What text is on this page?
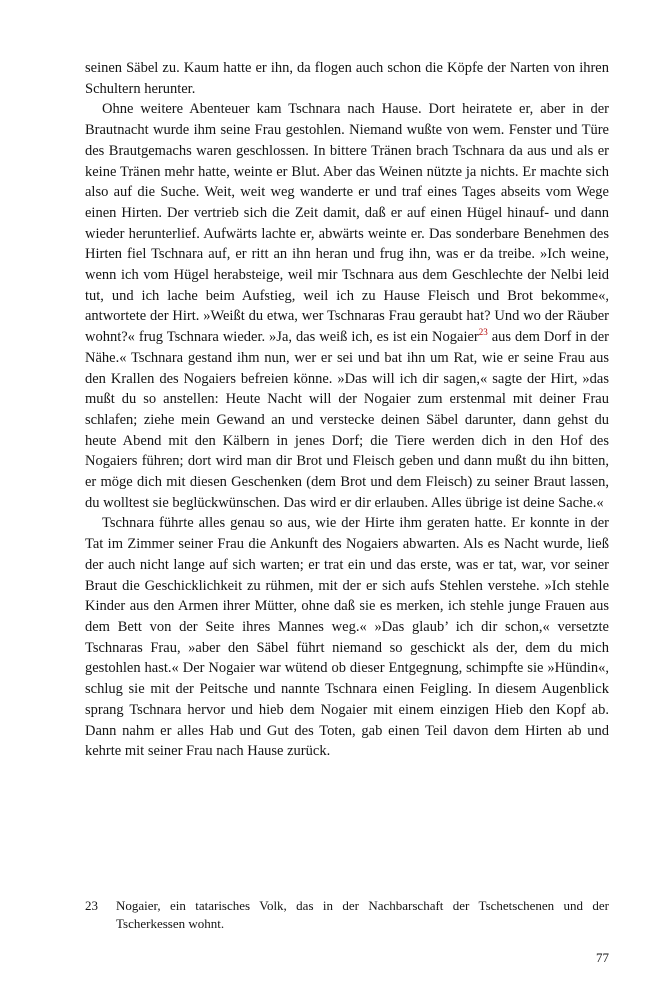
seinen Säbel zu. Kaum hatte er ihn, da flogen auch schon die Köpfe der Narten von ihren Schultern herunter.

Ohne weitere Abenteuer kam Tschnara nach Hause. Dort heiratete er, aber in der Brautnacht wurde ihm seine Frau gestohlen. Niemand wußte von wem. Fenster und Türe des Brautgemachs waren geschlossen. In bittere Tränen brach Tschnara da aus und als er keine Tränen mehr hatte, weinte er Blut. Aber das Weinen nützte ja nichts. Er machte sich also auf die Suche. Weit, weit weg wanderte er und traf eines Tages abseits vom Wege einen Hirten. Der vertrieb sich die Zeit damit, daß er auf einen Hügel hinauf- und dann wieder herunterlief. Aufwärts lachte er, abwärts weinte er. Das sonderbare Benehmen des Hirten fiel Tschnara auf, er ritt an ihn heran und frug ihn, was er da treibe. »Ich weine, wenn ich vom Hügel herabsteige, weil mir Tschnara aus dem Geschlechte der Nelbi leid tut, und ich lache beim Aufstieg, weil ich zu Hause Fleisch und Brot bekomme«, antwortete der Hirt. »Weißt du etwa, wer Tschnaras Frau geraubt hat? Und wo der Räuber wohnt?« frug Tschnara wieder. »Ja, das weiß ich, es ist ein Nogaier$^{23}$ aus dem Dorf in der Nähe.« Tschnara gestand ihm nun, wer er sei und bat ihn um Rat, wie er seine Frau aus den Krallen des Nogaiers befreien könne. »Das will ich dir sagen,« sagte der Hirt, »das mußt du so anstellen: Heute Nacht will der Nogaier zum erstenmal mit deiner Frau schlafen; ziehe mein Gewand an und verstecke deinen Säbel darunter, dann gehst du heute Abend mit den Kälbern in jenes Dorf; die Tiere werden dich in den Hof des Nogaiers führen; dort wird man dir Brot und Fleisch geben und dann mußt du ihn bitten, er möge dich mit diesen Geschenken (dem Brot und dem Fleisch) zu seiner Braut lassen, du wolltest sie beglückwünschen. Das wird er dir erlauben. Alles übrige ist deine Sache.«

Tschnara führte alles genau so aus, wie der Hirte ihm geraten hatte. Er konnte in der Tat im Zimmer seiner Frau die Ankunft des Nogaiers abwarten. Als es Nacht wurde, ließ der auch nicht lange auf sich warten; er trat ein und das erste, was er tat, war, vor seiner Braut die Geschicklichkeit zu rühmen, mit der er sich aufs Stehlen verstehe. »Ich stehle Kinder aus den Armen ihrer Mütter, ohne daß sie es merken, ich stehle junge Frauen aus dem Bett von der Seite ihres Mannes weg.« »Das glaub’ ich dir schon,« versetzte Tschnaras Frau, »aber den Säbel führt niemand so geschickt als der, dem du mich gestohlen hast.« Der Nogaier war wütend ob dieser Entgegnung, schimpfte sie »Hündin«, schlug sie mit der Peitsche und nannte Tschnara einen Feigling. In diesem Augenblick sprang Tschnara hervor und hieb dem Nogaier mit einem einzigen Hieb den Kopf ab. Dann nahm er alles Hab und Gut des Toten, gab einen Teil davon dem Hirten ab und kehrte mit seiner Frau nach Hause zurück.

23	Nogaier, ein tatarisches Volk, das in der Nachbarschaft der Tschetschenen und der Tscherkessen wohnt.
77
